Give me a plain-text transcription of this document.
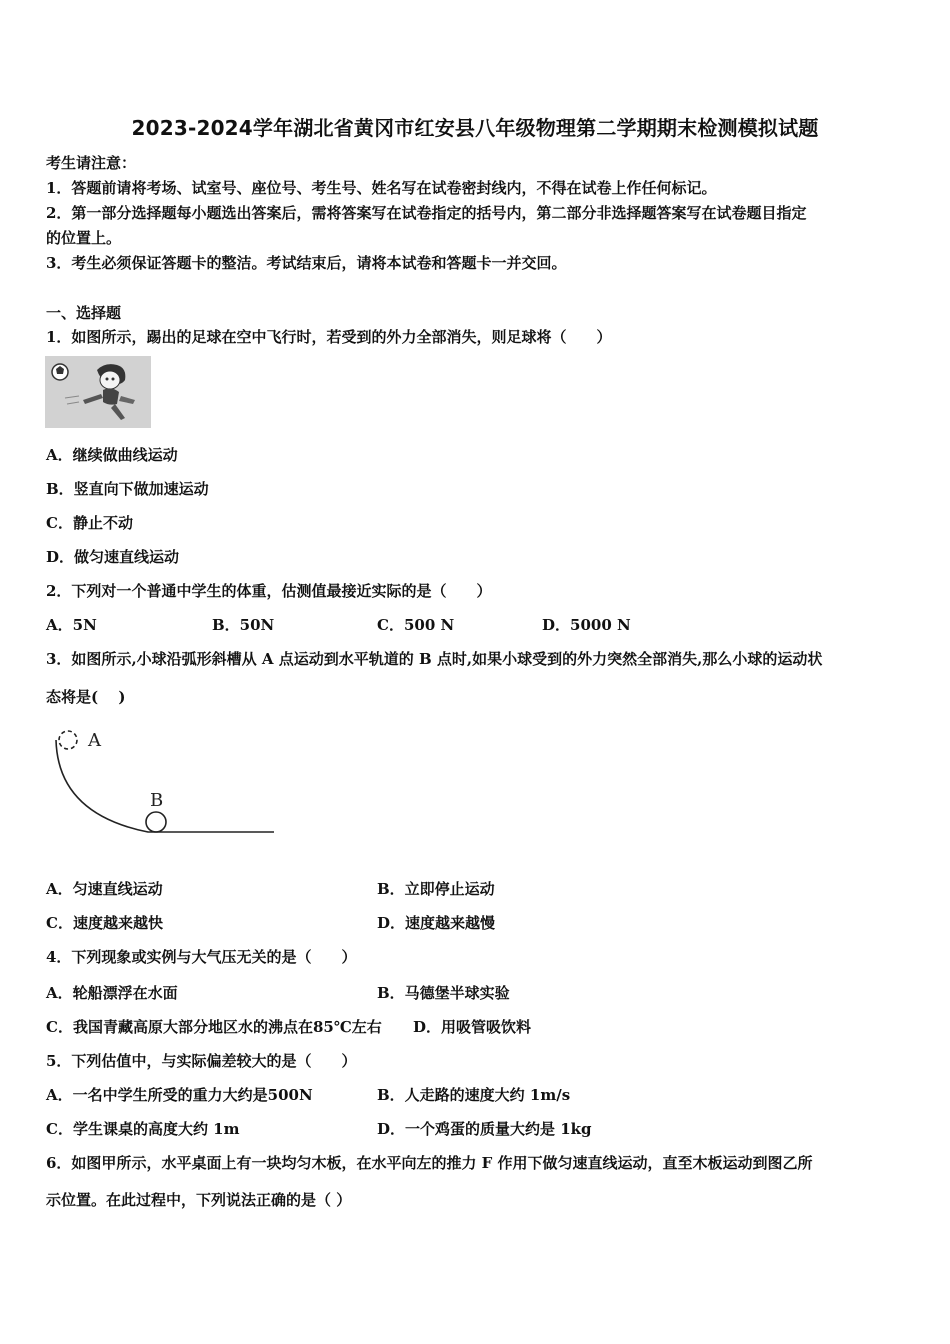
2023-2024学年湖北省黄冈市红安县八年级物理第二学期期末检测模拟试题
考生请注意：
1．答题前请将考场、试室号、座位号、考生号、姓名写在试卷密封线内，不得在试卷上作任何标记。
2．第一部分选择题每小题选出答案后，需将答案写在试卷指定的括号内，第二部分非选择题答案写在试卷题目指定
的位置上。
3．考生必须保证答题卡的整洁。考试结束后，请将本试卷和答题卡一并交回。
一、选择题
1．如图所示，踢出的足球在空中飞行时，若受到的外力全部消失，则足球将（　　）
A．继续做曲线运动
B．竖直向下做加速运动
C．静止不动
D．做匀速直线运动
2．下列对一个普通中学生的体重，估测值最接近实际的是（　　）
A．5N	B．50N	C．500 N	D．5000 N
3．如图所示,小球沿弧形斜槽从 A 点运动到水平轨道的 B 点时,如果小球受到的外力突然全部消失,那么小球的运动状
态将是(　 )
A
B
A．匀速直线运动	B．立即停止运动
C．速度越来越快	D．速度越来越慢
4．下列现象或实例与大气压无关的是（　　）
A．轮船漂浮在水面	B．马德堡半球实验
C．我国青藏高原大部分地区水的沸点在85℃左右 D．用吸管吸饮料
5．下列估值中，与实际偏差较大的是（　　）
A．一名中学生所受的重力大约是500N	B．人走路的速度大约 1m/s
C．学生课桌的高度大约 1m	D．一个鸡蛋的质量大约是 1kg
6．如图甲所示，水平桌面上有一块均匀木板，在水平向左的推力 F 作用下做匀速直线运动，直至木板运动到图乙所
示位置。在此过程中，下列说法正确的是（ ）
